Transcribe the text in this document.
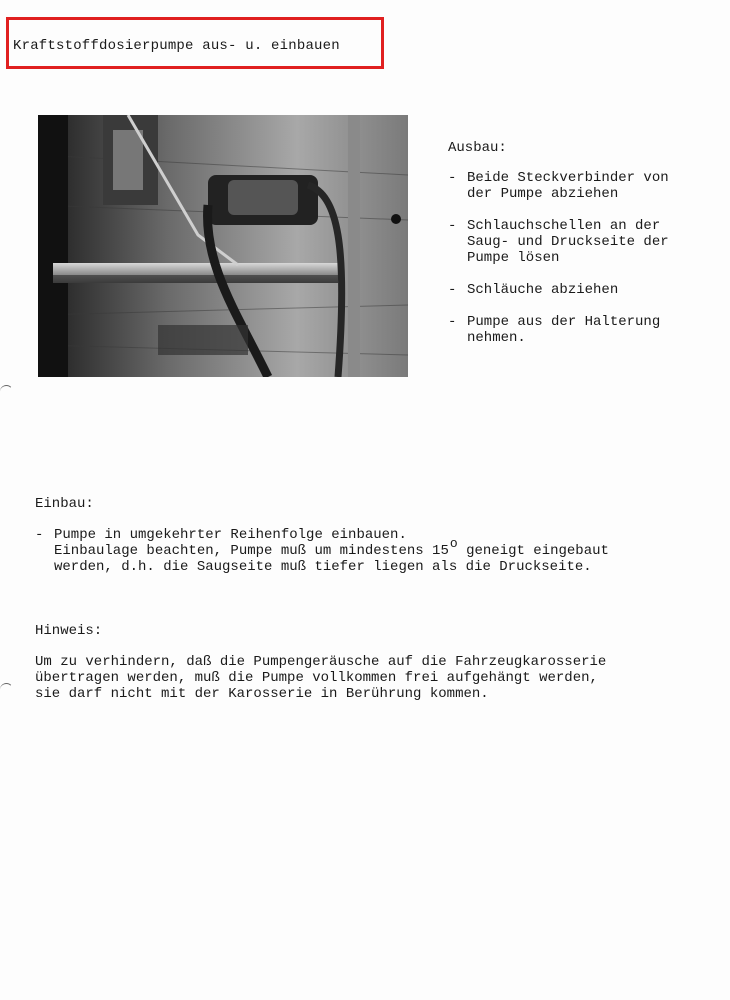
Kraftstoffdosierpumpe aus- u. einbauen
Ausbau:
- Beide Steckverbinder von
der Pumpe abziehen
- Schlauchschellen an der
Saug- und Druckseite der
Pumpe lösen
- Schläuche abziehen
- Pumpe aus der Halterung
nehmen.
Einbau:
- Pumpe in umgekehrter Reihenfolge einbauen.
Einbaulage beachten, Pumpe muß um mindestens 15o geneigt eingebaut
werden, d.h. die Saugseite muß tiefer liegen als die Druckseite.
Hinweis:
Um zu verhindern, daß die Pumpengeräusche auf die Fahrzeugkarosserie
übertragen werden, muß die Pumpe vollkommen frei aufgehängt werden,
sie darf nicht mit der Karosserie in Berührung kommen.
